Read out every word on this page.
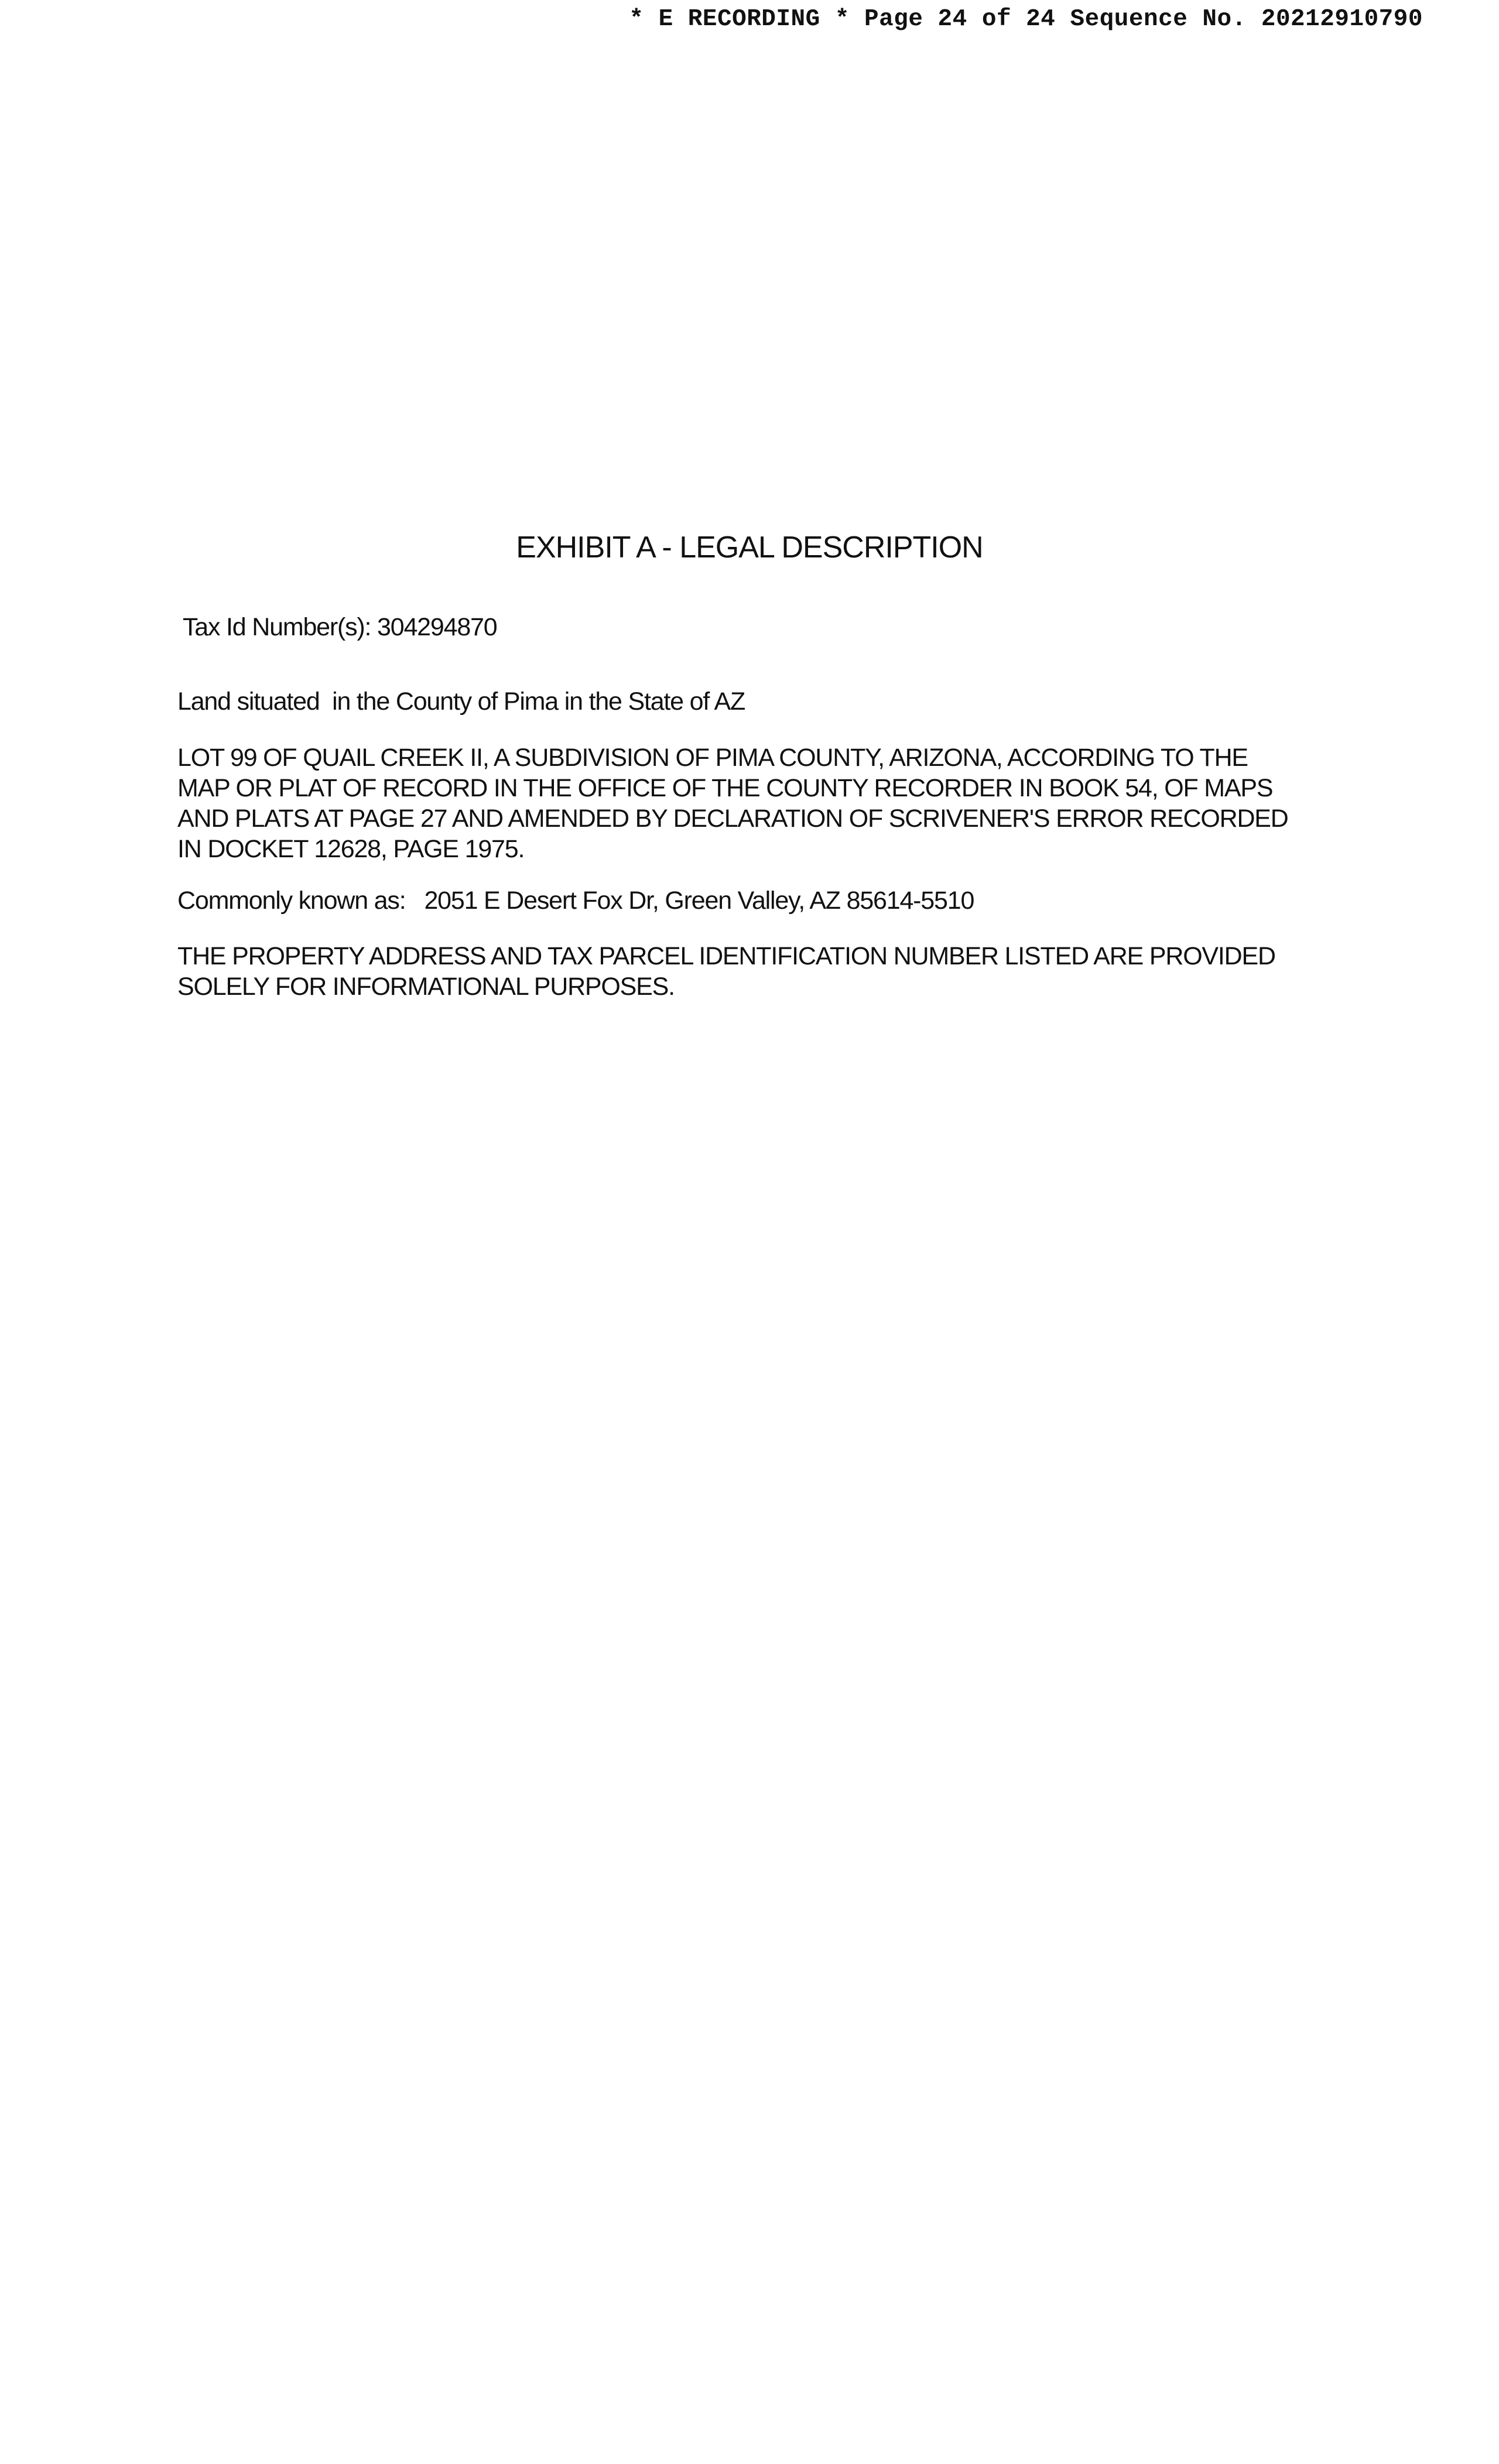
* E RECORDING * Page 24 of 24 Sequence No. 20212910790
EXHIBIT A - LEGAL DESCRIPTION
Tax Id Number(s): 304294870
Land situated  in the County of Pima in the State of AZ
LOT 99 OF QUAIL CREEK II, A SUBDIVISION OF PIMA COUNTY, ARIZONA, ACCORDING TO THE MAP OR PLAT OF RECORD IN THE OFFICE OF THE COUNTY RECORDER IN BOOK 54, OF MAPS AND PLATS AT PAGE 27 AND AMENDED BY DECLARATION OF SCRIVENER'S ERROR RECORDED IN DOCKET 12628, PAGE 1975.
Commonly known as: 2051 E Desert Fox Dr, Green Valley, AZ 85614-5510
THE PROPERTY ADDRESS AND TAX PARCEL IDENTIFICATION NUMBER LISTED ARE PROVIDED SOLELY FOR INFORMATIONAL PURPOSES.
